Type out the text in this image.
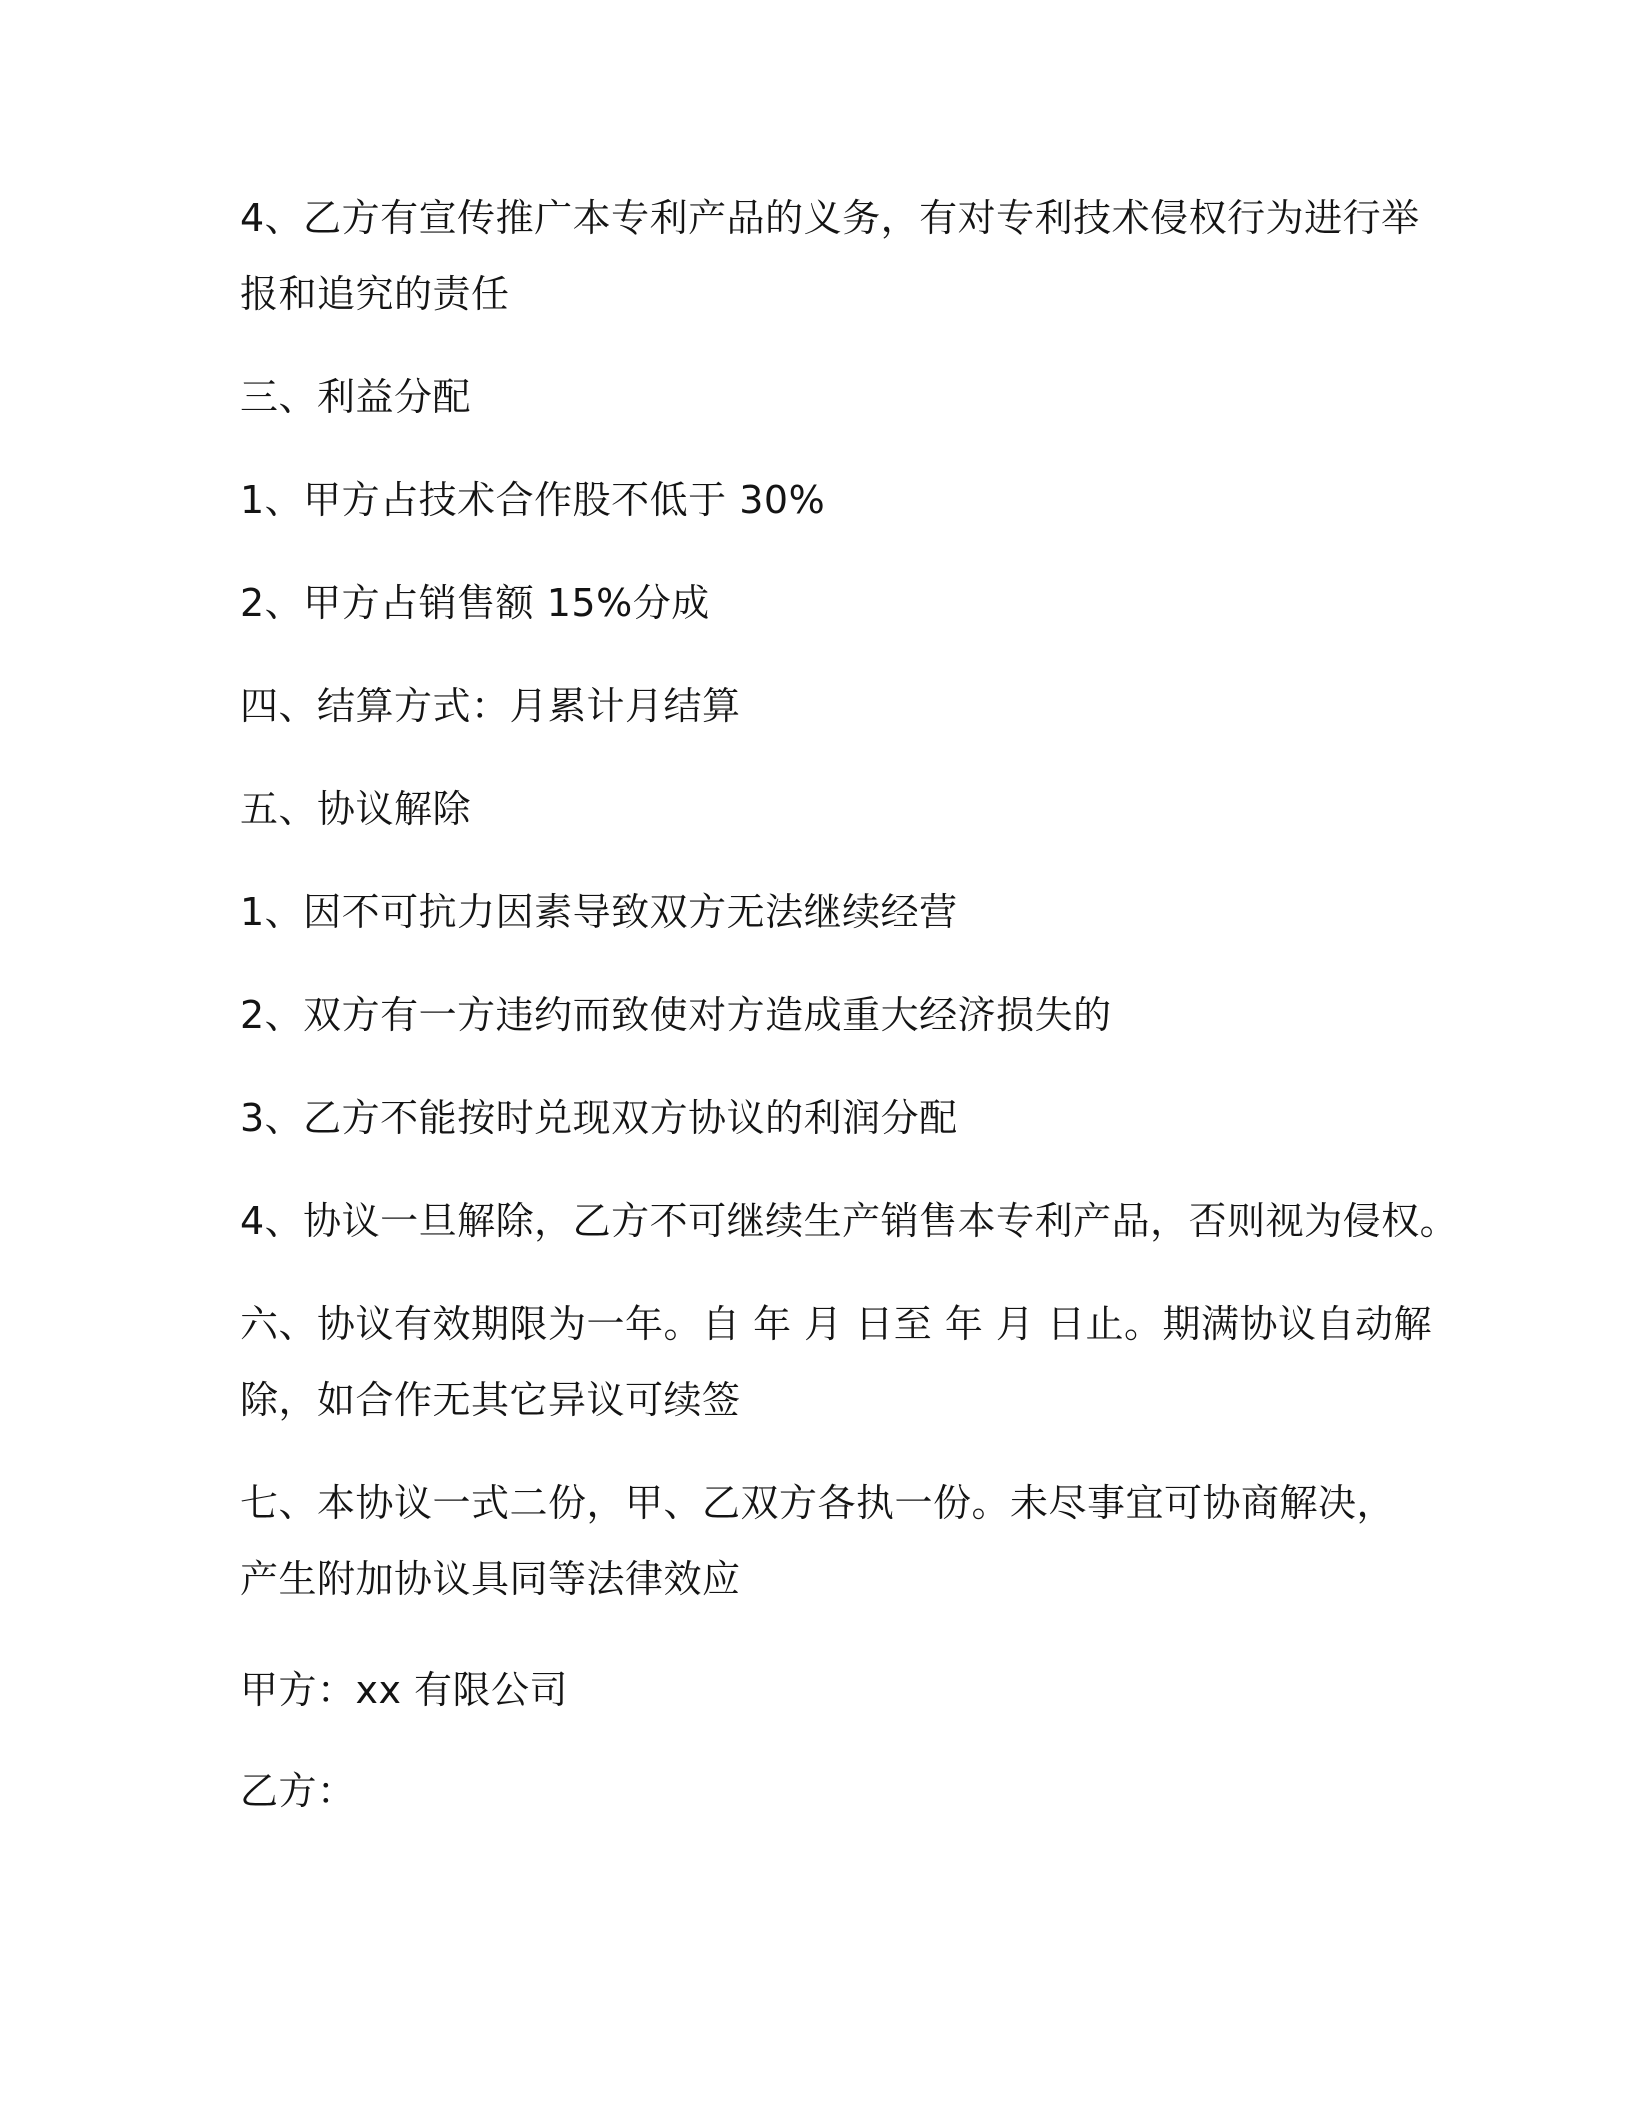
4、乙方有宣传推广本专利产品的义务，有对专利技术侵权行为进行举
报和追究的责任
三、利益分配
1、甲方占技术合作股不低于 30%
2、甲方占销售额 15%分成
四、结算方式：月累计月结算
五、协议解除
1、因不可抗力因素导致双方无法继续经营
2、双方有一方违约而致使对方造成重大经济损失的
3、乙方不能按时兑现双方协议的利润分配
4、协议一旦解除，乙方不可继续生产销售本专利产品，否则视为侵权。
六、协议有效期限为一年。自 年 月 日至 年 月 日止。期满协议自动解
除，如合作无其它异议可续签
七、本协议一式二份，甲、乙双方各执一份。未尽事宜可协商解决，
产生附加协议具同等法律效应
甲方：xx 有限公司
乙方：
